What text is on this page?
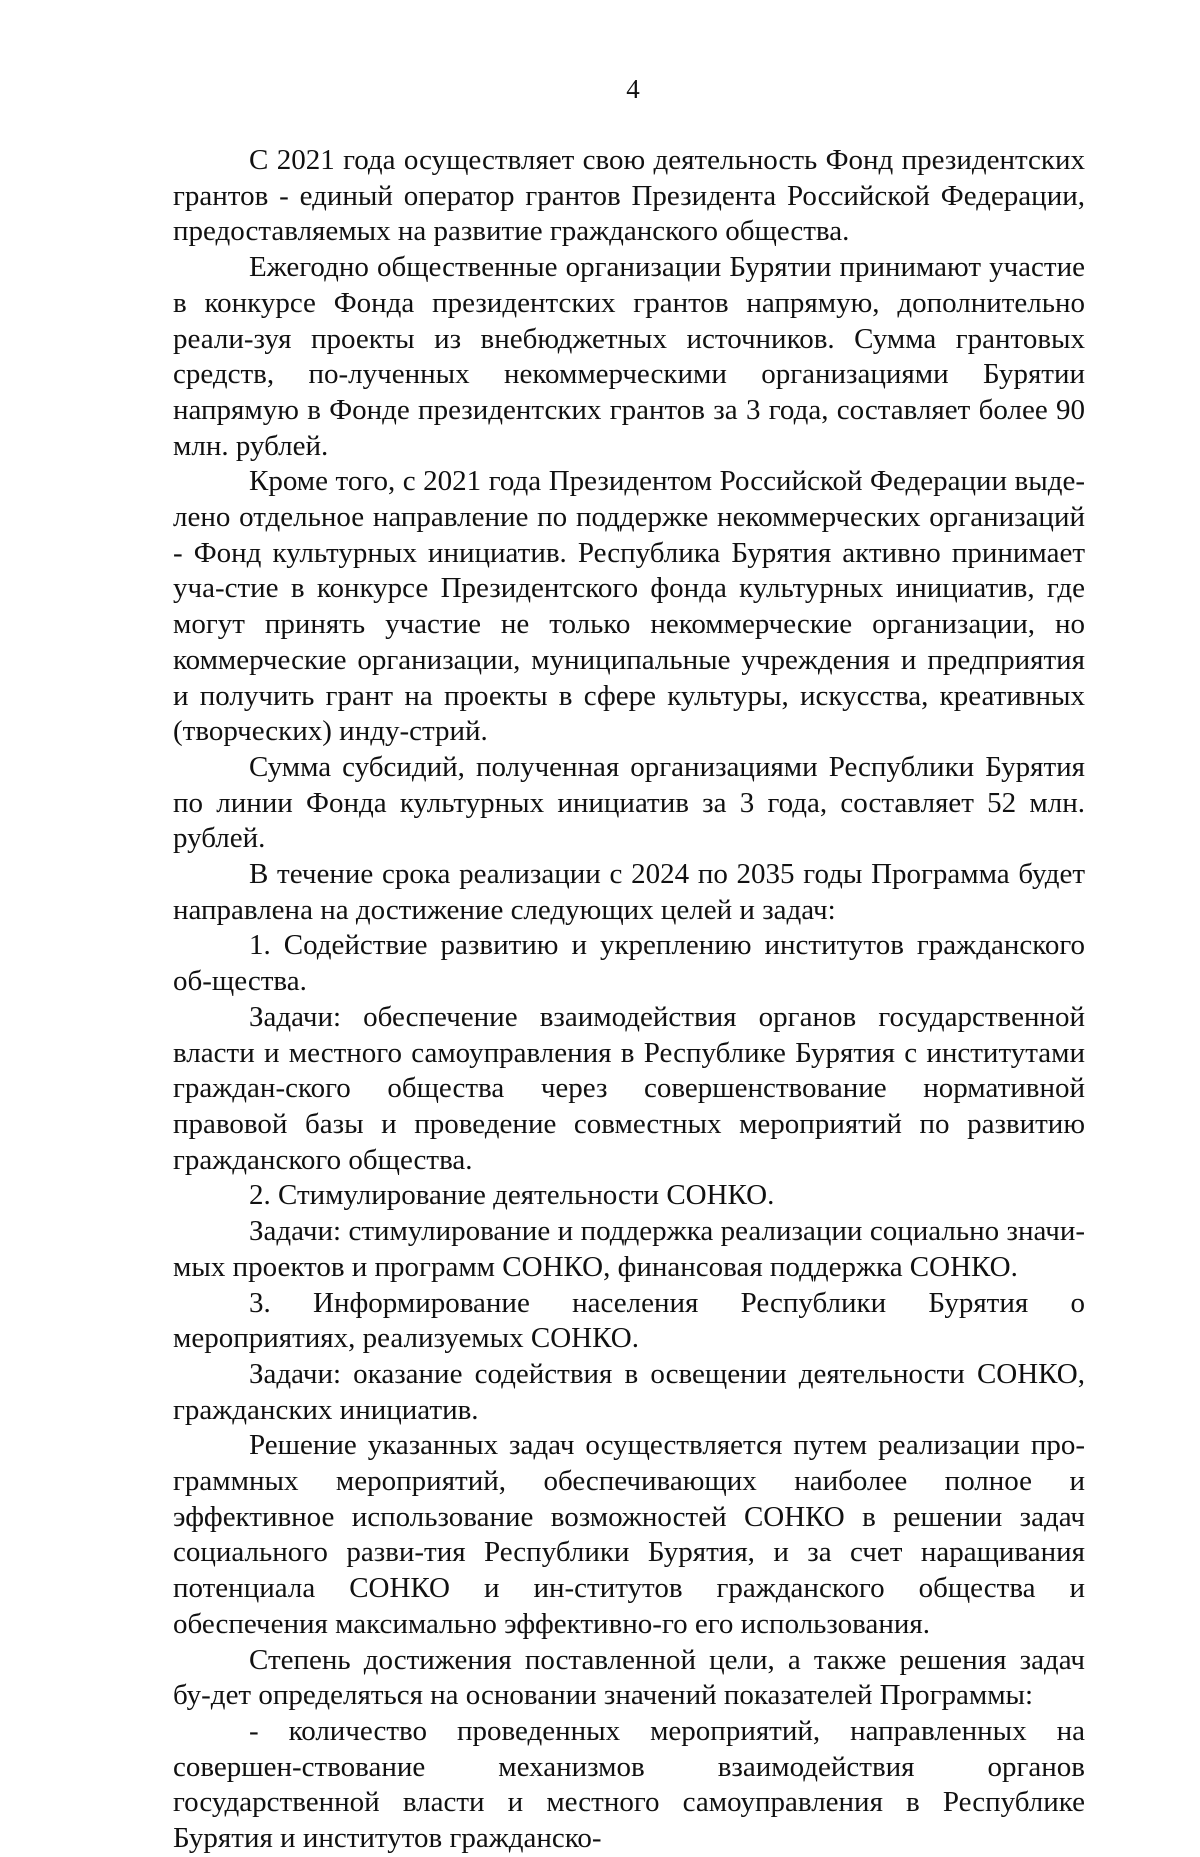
4

С 2021 года осуществляет свою деятельность Фонд президентских грантов - единый оператор грантов Президента Российской Федерации, предоставляемых на развитие гражданского общества.

Ежегодно общественные организации Бурятии принимают участие в конкурсе Фонда президентских грантов напрямую, дополнительно реали-зуя проекты из внебюджетных источников. Сумма грантовых средств, по-лученных некоммерческими организациями Бурятии напрямую в Фонде президентских грантов за 3 года, составляет более 90 млн. рублей.

Кроме того, с 2021 года Президентом Российской Федерации выде-лено отдельное направление по поддержке некоммерческих организаций - Фонд культурных инициатив. Республика Бурятия активно принимает уча-стие в конкурсе Президентского фонда культурных инициатив, где могут принять участие не только некоммерческие организации, но коммерческие организации, муниципальные учреждения и предприятия и получить грант на проекты в сфере культуры, искусства, креативных (творческих) инду-стрий.

Сумма субсидий, полученная организациями Республики Бурятия по линии Фонда культурных инициатив за 3 года, составляет 52 млн. рублей.

В течение срока реализации с 2024 по 2035 годы Программа будет направлена на достижение следующих целей и задач:

1. Содействие развитию и укреплению институтов гражданского об-щества.

Задачи: обеспечение взаимодействия органов государственной власти и местного самоуправления в Республике Бурятия с институтами граждан-ского общества через совершенствование нормативной правовой базы и проведение совместных мероприятий по развитию гражданского общества.

2. Стимулирование деятельности СОНКО.

Задачи: стимулирование и поддержка реализации социально значи-мых проектов и программ СОНКО, финансовая поддержка СОНКО.

3. Информирование населения Республики Бурятия о мероприятиях, реализуемых СОНКО.

Задачи: оказание содействия в освещении деятельности СОНКО, гражданских инициатив.

Решение указанных задач осуществляется путем реализации про-граммных мероприятий, обеспечивающих наиболее полное и эффективное использование возможностей СОНКО в решении задач социального разви-тия Республики Бурятия, и за счет наращивания потенциала СОНКО и ин-ститутов гражданского общества и обеспечения максимально эффективно-го его использования.

Степень достижения поставленной цели, а также решения задач бу-дет определяться на основании значений показателей Программы:

- количество проведенных мероприятий, направленных на совершен-ствование механизмов взаимодействия органов государственной власти и местного самоуправления в Республике Бурятия и институтов гражданско-
